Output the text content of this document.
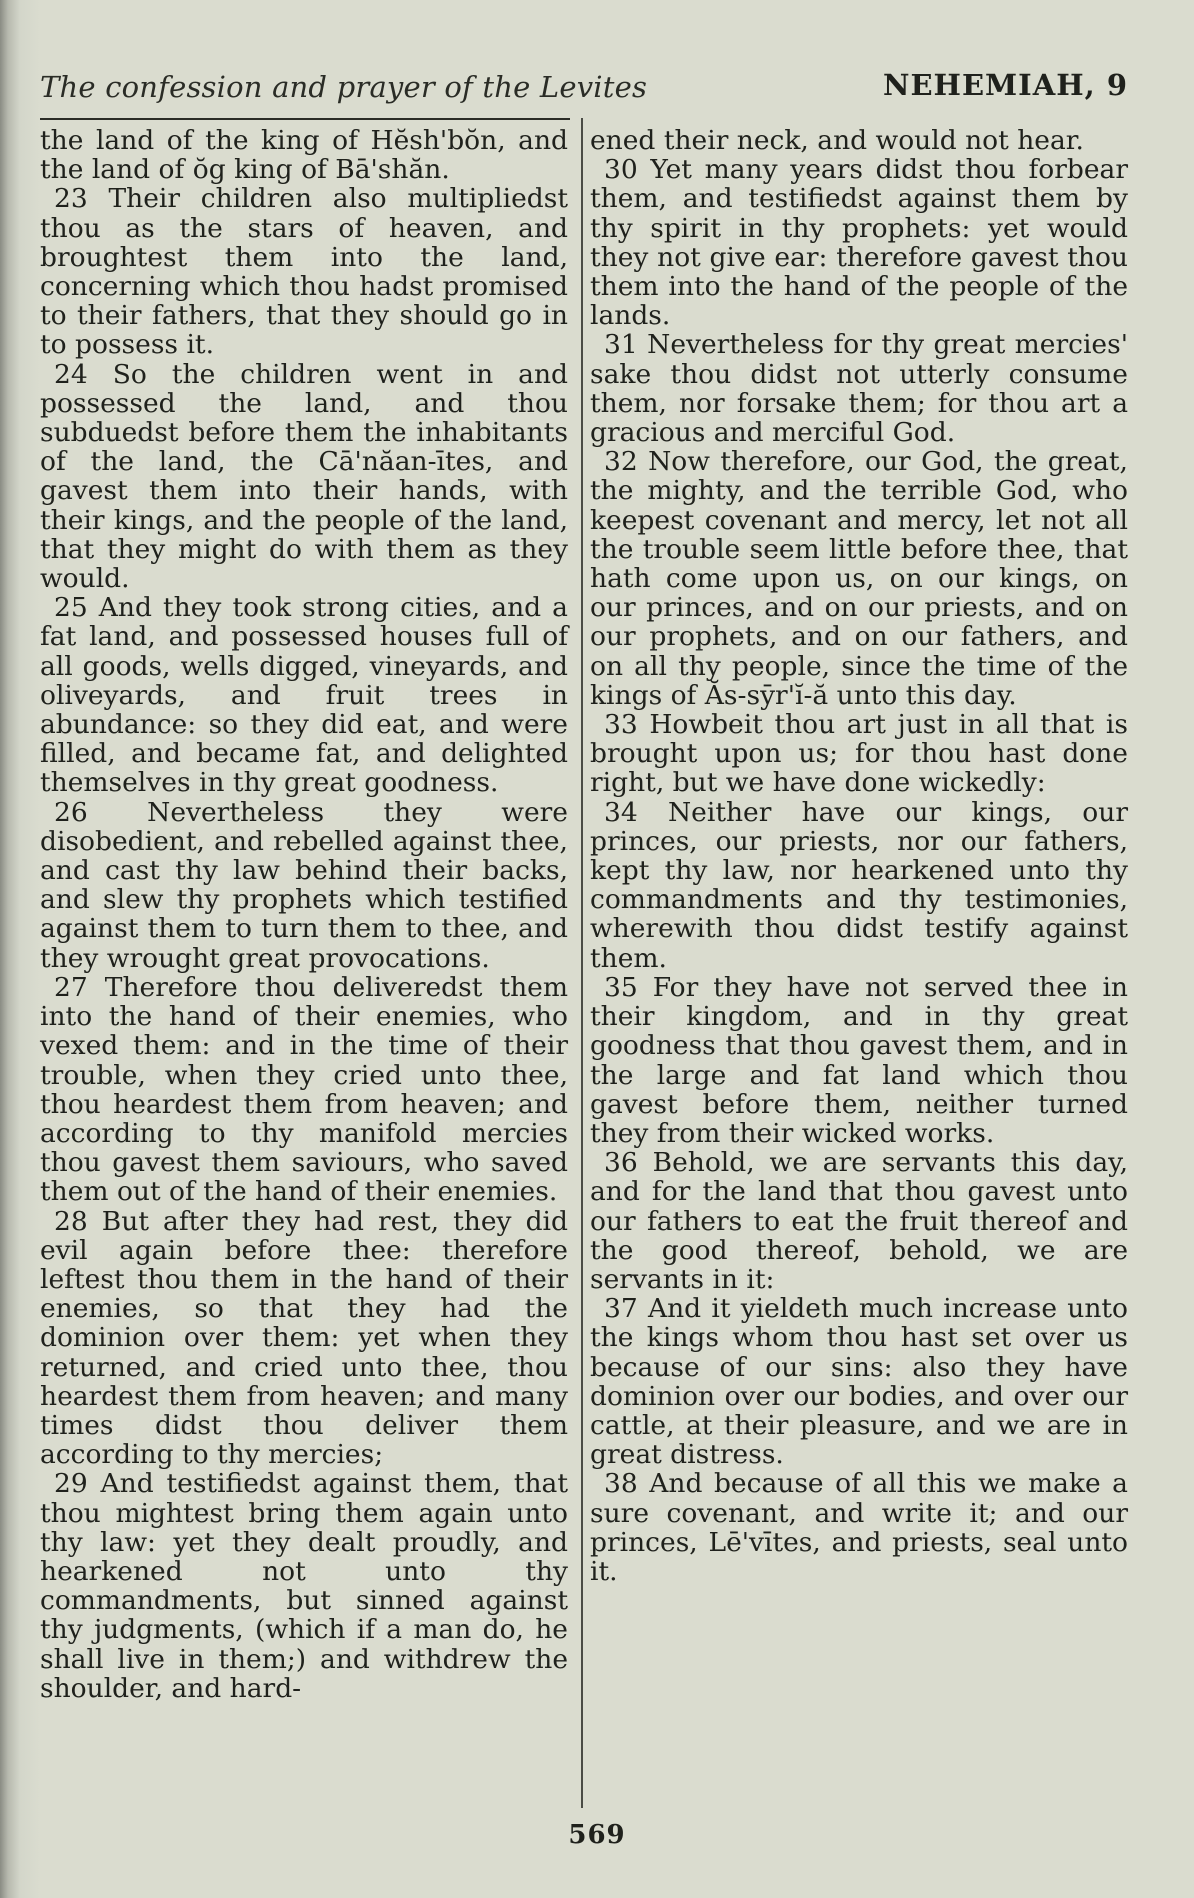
The confession and prayer of the Levites	NEHEMIAH, 9

the land of the king of Hĕsh'bŏn, and the land of ŏg king of Bā'shăn.

23 Their children also multipliedst thou as the stars of heaven, and broughtest them into the land, concerning which thou hadst promised to their fathers, that they should go in to possess it.

24 So the children went in and possessed the land, and thou subduedst before them the inhabitants of the land, the Cā'năan-ītes, and gavest them into their hands, with their kings, and the people of the land, that they might do with them as they would.

25 And they took strong cities, and a fat land, and possessed houses full of all goods, wells digged, vineyards, and oliveyards, and fruit trees in abundance: so they did eat, and were filled, and became fat, and delighted themselves in thy great goodness.

26 Nevertheless they were disobedient, and rebelled against thee, and cast thy law behind their backs, and slew thy prophets which testified against them to turn them to thee, and they wrought great provocations.

27 Therefore thou deliveredst them into the hand of their enemies, who vexed them: and in the time of their trouble, when they cried unto thee, thou heardest them from heaven; and according to thy manifold mercies thou gavest them saviours, who saved them out of the hand of their enemies.

28 But after they had rest, they did evil again before thee: therefore leftest thou them in the hand of their enemies, so that they had the dominion over them: yet when they returned, and cried unto thee, thou heardest them from heaven; and many times didst thou deliver them according to thy mercies;

29 And testifiedst against them, that thou mightest bring them again unto thy law: yet they dealt proudly, and hearkened not unto thy commandments, but sinned against thy judgments, (which if a man do, he shall live in them;) and withdrew the shoulder, and hard-

ened their neck, and would not hear.

30 Yet many years didst thou forbear them, and testifiedst against them by thy spirit in thy prophets: yet would they not give ear: therefore gavest thou them into the hand of the people of the lands.

31 Nevertheless for thy great mercies' sake thou didst not utterly consume them, nor forsake them; for thou art a gracious and merciful God.

32 Now therefore, our God, the great, the mighty, and the terrible God, who keepest covenant and mercy, let not all the trouble seem little before thee, that hath come upon us, on our kings, on our princes, and on our priests, and on our prophets, and on our fathers, and on all thy people, since the time of the kings of Ăs-sȳr'ĭ-ă unto this day.

33 Howbeit thou art just in all that is brought upon us; for thou hast done right, but we have done wickedly:

34 Neither have our kings, our princes, our priests, nor our fathers, kept thy law, nor hearkened unto thy commandments and thy testimonies, wherewith thou didst testify against them.

35 For they have not served thee in their kingdom, and in thy great goodness that thou gavest them, and in the large and fat land which thou gavest before them, neither turned they from their wicked works.

36 Behold, we are servants this day, and for the land that thou gavest unto our fathers to eat the fruit thereof and the good thereof, behold, we are servants in it:

37 And it yieldeth much increase unto the kings whom thou hast set over us because of our sins: also they have dominion over our bodies, and over our cattle, at their pleasure, and we are in great distress.

38 And because of all this we make a sure covenant, and write it; and our princes, Lē'vītes, and priests, seal unto it.

569
